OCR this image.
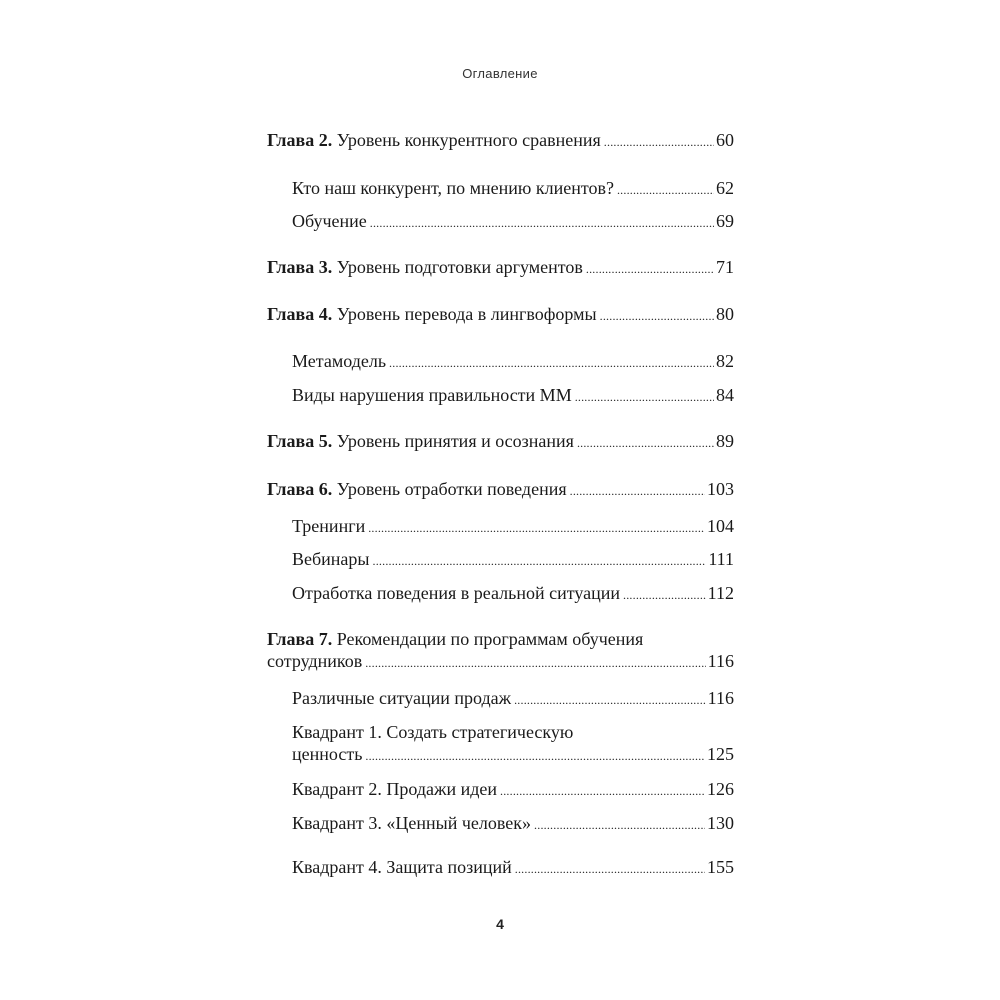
Оглавление
Глава 2. Уровень конкурентного сравнения .....	60
Кто наш конкурент, по мнению клиентов? .....	62
Обучение .....	69
Глава 3. Уровень подготовки аргументов .....	71
Глава 4. Уровень перевода в лингвоформы .....	80
Метамодель .....	82
Виды нарушения правильности ММ .....	84
Глава 5. Уровень принятия и осознания .....	89
Глава 6. Уровень отработки поведения .....	103
Тренинги .....	104
Вебинары .....	111
Отработка поведения в реальной ситуации .....	112
Глава 7. Рекомендации по программам обучения
сотрудников .....	116
Различные ситуации продаж .....	116
Квадрант 1. Создать стратегическую
ценность .....	125
Квадрант 2. Продажи идеи .....	126
Квадрант 3. «Ценный человек» .....	130
Квадрант 4. Защита позиций .....	155
4
